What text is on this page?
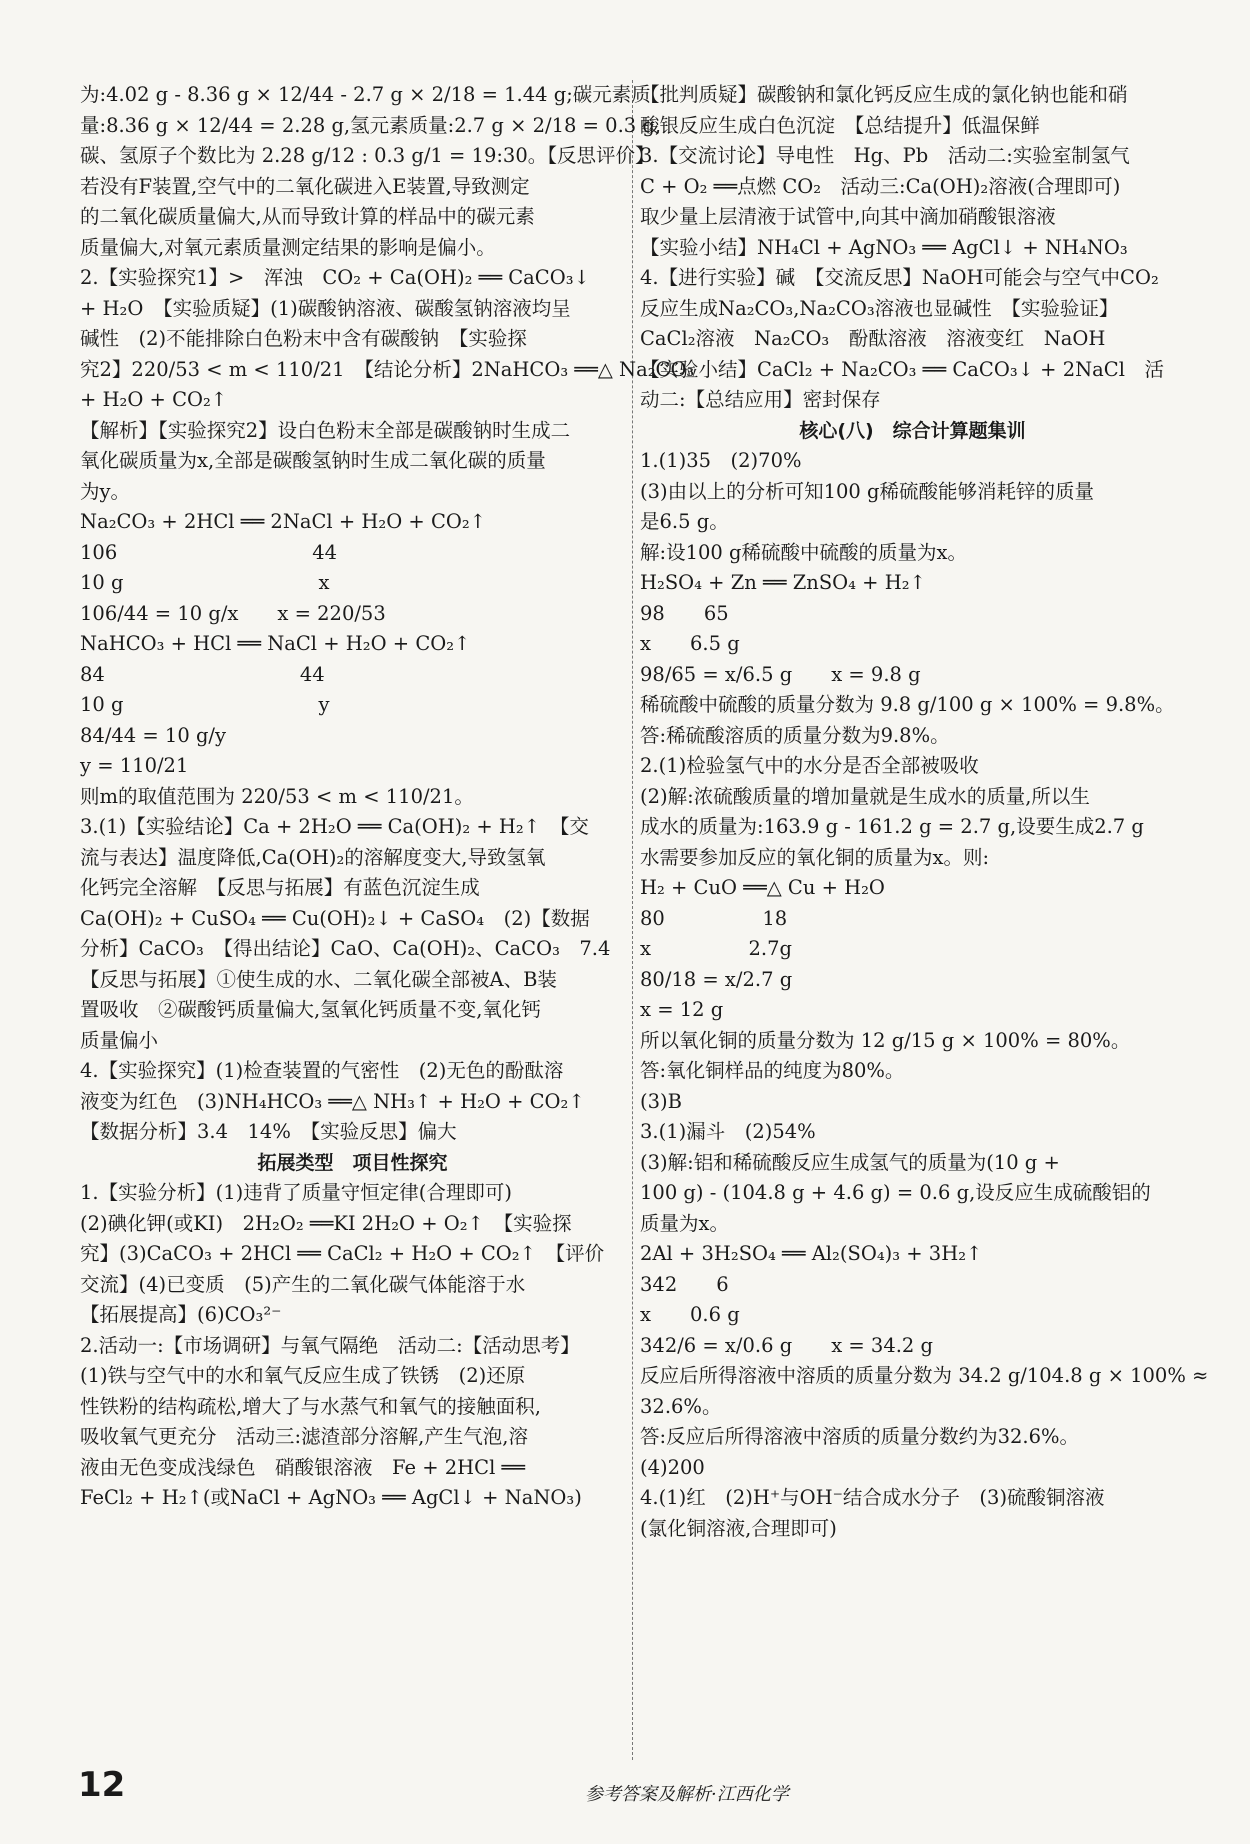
为:4.02 g - 8.36 g × 12/44 - 2.7 g × 2/18 = 1.44 g;碳元素质
量:8.36 g × 12/44 = 2.28 g,氢元素质量:2.7 g × 2/18 = 0.3 g,
碳、氢原子个数比为 2.28 g/12 : 0.3 g/1 = 19:30。【反思评价】
若没有F装置,空气中的二氧化碳进入E装置,导致测定
的二氧化碳质量偏大,从而导致计算的样品中的碳元素
质量偏大,对氧元素质量测定结果的影响是偏小。
2.【实验探究1】>　浑浊　CO₂ + Ca(OH)₂ ══ CaCO₃↓
+ H₂O　【实验质疑】(1)碳酸钠溶液、碳酸氢钠溶液均呈
碱性　(2)不能排除白色粉末中含有碳酸钠　【实验探
究2】220/53 < m < 110/21　【结论分析】2NaHCO₃ ══△ Na₂CO₃
+ H₂O + CO₂↑
【解析】【实验探究2】设白色粉末全部是碳酸钠时生成二
氧化碳质量为x,全部是碳酸氢钠时生成二氧化碳的质量
为y。
Na₂CO₃ + 2HCl ══ 2NaCl + H₂O + CO₂↑
106　　　　　　　　　　44
10 g　　　　　　　　　　x
106/44 = 10 g/x　　x = 220/53
NaHCO₃ + HCl ══ NaCl + H₂O + CO₂↑
84　　　　　　　　　　44
10 g　　　　　　　　　　y
84/44 = 10 g/y
y = 110/21
则m的取值范围为 220/53 < m < 110/21。
3.(1)【实验结论】Ca + 2H₂O ══ Ca(OH)₂ + H₂↑　【交
流与表达】温度降低,Ca(OH)₂的溶解度变大,导致氢氧
化钙完全溶解　【反思与拓展】有蓝色沉淀生成
Ca(OH)₂ + CuSO₄ ══ Cu(OH)₂↓ + CaSO₄　(2)【数据
分析】CaCO₃　【得出结论】CaO、Ca(OH)₂、CaCO₃　7.4
【反思与拓展】①使生成的水、二氧化碳全部被A、B装
置吸收　②碳酸钙质量偏大,氢氧化钙质量不变,氧化钙
质量偏小
4.【实验探究】(1)检查装置的气密性　(2)无色的酚酞溶
液变为红色　(3)NH₄HCO₃ ══△ NH₃↑ + H₂O + CO₂↑
【数据分析】3.4　14%　【实验反思】偏大
拓展类型　项目性探究
1.【实验分析】(1)违背了质量守恒定律(合理即可)
(2)碘化钾(或KI)　2H₂O₂ ══KI 2H₂O + O₂↑　【实验探
究】(3)CaCO₃ + 2HCl ══ CaCl₂ + H₂O + CO₂↑　【评价
交流】(4)已变质　(5)产生的二氧化碳气体能溶于水
【拓展提高】(6)CO₃²⁻
2.活动一:【市场调研】与氧气隔绝　活动二:【活动思考】
(1)铁与空气中的水和氧气反应生成了铁锈　(2)还原
性铁粉的结构疏松,增大了与水蒸气和氧气的接触面积,
吸收氧气更充分　活动三:滤渣部分溶解,产生气泡,溶
液由无色变成浅绿色　硝酸银溶液　Fe + 2HCl ══
FeCl₂ + H₂↑(或NaCl + AgNO₃ ══ AgCl↓ + NaNO₃)
【批判质疑】碳酸钠和氯化钙反应生成的氯化钠也能和硝
酸银反应生成白色沉淀　【总结提升】低温保鲜
3.【交流讨论】导电性　Hg、Pb　活动二:实验室制氢气
C + O₂ ══点燃 CO₂　活动三:Ca(OH)₂溶液(合理即可)
取少量上层清液于试管中,向其中滴加硝酸银溶液
【实验小结】NH₄Cl + AgNO₃ ══ AgCl↓ + NH₄NO₃
4.【进行实验】碱　【交流反思】NaOH可能会与空气中CO₂
反应生成Na₂CO₃,Na₂CO₃溶液也显碱性　【实验验证】
CaCl₂溶液　Na₂CO₃　酚酞溶液　溶液变红　NaOH
【实验小结】CaCl₂ + Na₂CO₃ ══ CaCO₃↓ + 2NaCl　活
动二:【总结应用】密封保存
核心(八)　综合计算题集训
1.(1)35　(2)70%
(3)由以上的分析可知100 g稀硫酸能够消耗锌的质量
是6.5 g。
解:设100 g稀硫酸中硫酸的质量为x。
H₂SO₄ + Zn ══ ZnSO₄ + H₂↑
98　　65
x　　6.5 g
98/65 = x/6.5 g　　x = 9.8 g
稀硫酸中硫酸的质量分数为 9.8 g/100 g × 100% = 9.8%。
答:稀硫酸溶质的质量分数为9.8%。
2.(1)检验氢气中的水分是否全部被吸收
(2)解:浓硫酸质量的增加量就是生成水的质量,所以生
成水的质量为:163.9 g - 161.2 g = 2.7 g,设要生成2.7 g
水需要参加反应的氧化铜的质量为x。则:
H₂ + CuO ══△ Cu + H₂O
80　　　　　18
x　　　　　2.7g
80/18 = x/2.7 g
x = 12 g
所以氧化铜的质量分数为 12 g/15 g × 100% = 80%。
答:氧化铜样品的纯度为80%。
(3)B
3.(1)漏斗　(2)54%
(3)解:铝和稀硫酸反应生成氢气的质量为(10 g +
100 g) - (104.8 g + 4.6 g) = 0.6 g,设反应生成硫酸铝的
质量为x。
2Al + 3H₂SO₄ ══ Al₂(SO₄)₃ + 3H₂↑
342　　6
x　　0.6 g
342/6 = x/0.6 g　　x = 34.2 g
反应后所得溶液中溶质的质量分数为 34.2 g/104.8 g × 100% ≈
32.6%。
答:反应后所得溶液中溶质的质量分数约为32.6%。
(4)200
4.(1)红　(2)H⁺与OH⁻结合成水分子　(3)硫酸铜溶液
(氯化铜溶液,合理即可)
12	参考答案及解析·江西化学
